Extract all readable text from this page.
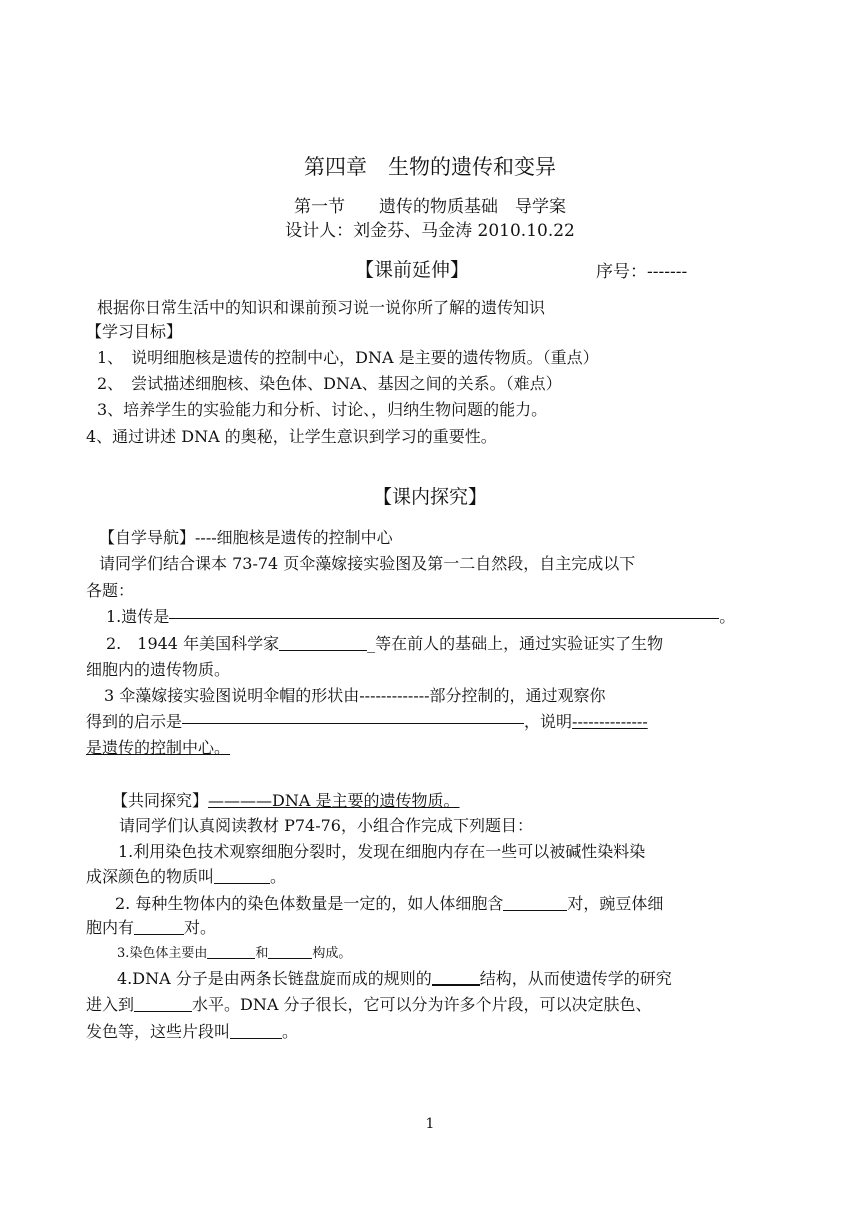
第四章　生物的遗传和变异
第一节　　遗传的物质基础　导学案
设计人：刘金芬、马金涛 2010.10.22
【课前延伸】	序号：-------
根据你日常生活中的知识和课前预习说一说你所了解的遗传知识
【学习目标】
1、　说明细胞核是遗传的控制中心，DNA 是主要的遗传物质。（重点）
2、　尝试描述细胞核、染色体、DNA、基因之间的关系。（难点）
3、培养学生的实验能力和分析、讨论、，归纳生物问题的能力。
4、通过讲述 DNA 的奥秘，让学生意识到学习的重要性。
【课内探究】
【自学导航】----细胞核是遗传的控制中心
请同学们结合课本 73-74 页伞藻嫁接实验图及第一二自然段，自主完成以下
各题：
1.遗传是	。
2.　1944 年美国科学家	_等在前人的基础上，通过实验证实了生物
细胞内的遗传物质。
3 伞藻嫁接实验图说明伞帽的形状由-------------部分控制的，通过观察你
得到的启示是	，说明--------------
是遗传的控制中心。
【共同探究】————DNA 是主要的遗传物质。
请同学们认真阅读教材 P74-76，小组合作完成下列题目：
1.利用染色技术观察细胞分裂时，发现在细胞内存在一些可以被碱性染料染
成深颜色的物质叫	。
2. 每种生物体内的染色体数量是一定的，如人体细胞含	对，豌豆体细
胞内有	对。
3.染色体主要由	和	构成。
4.DNA 分子是由两条长链盘旋而成的规则的	结构，从而使遗传学的研究
进入到	水平。DNA 分子很长，它可以分为许多个片段，可以决定肤色、
发色等，这些片段叫	。
1
